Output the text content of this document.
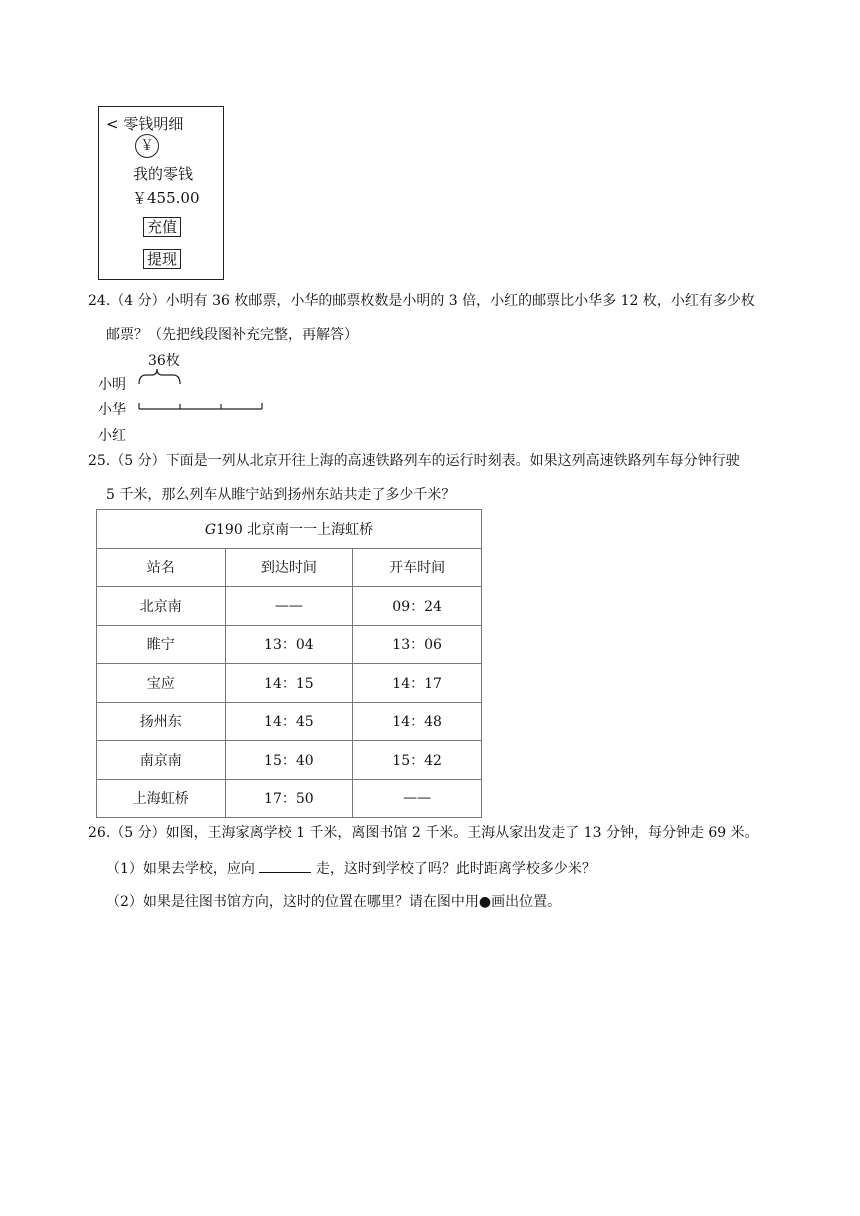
< 零钱明细
￥
我的零钱
￥455.00
充值
提现
24.（4 分）小明有 36 枚邮票，小华的邮票枚数是小明的 3 倍，小红的邮票比小华多 12 枚，小红有多少枚
邮票？（先把线段图补充完整，再解答）
36枚
小明
小华
小红
25.（5 分）下面是一列从北京开往上海的高速铁路列车的运行时刻表。如果这列高速铁路列车每分钟行驶
5 千米，那么列车从睢宁站到扬州东站共走了多少千米？
G190 北京南一一上海虹桥		
站名	到达时间	开车时间
北京南	——	09：24
睢宁	13：04	13：06
宝应	14：15	14：17
扬州东	14：45	14：48
南京南	15：40	15：42
上海虹桥	17：50	——
26.（5 分）如图，王海家离学校 1 千米，离图书馆 2 千米。王海从家出发走了 13 分钟，每分钟走 69 米。
（1）如果去学校，应向	走，这时到学校了吗？此时距离学校多少米？
（2）如果是往图书馆方向，这时的位置在哪里？请在图中用●画出位置。
